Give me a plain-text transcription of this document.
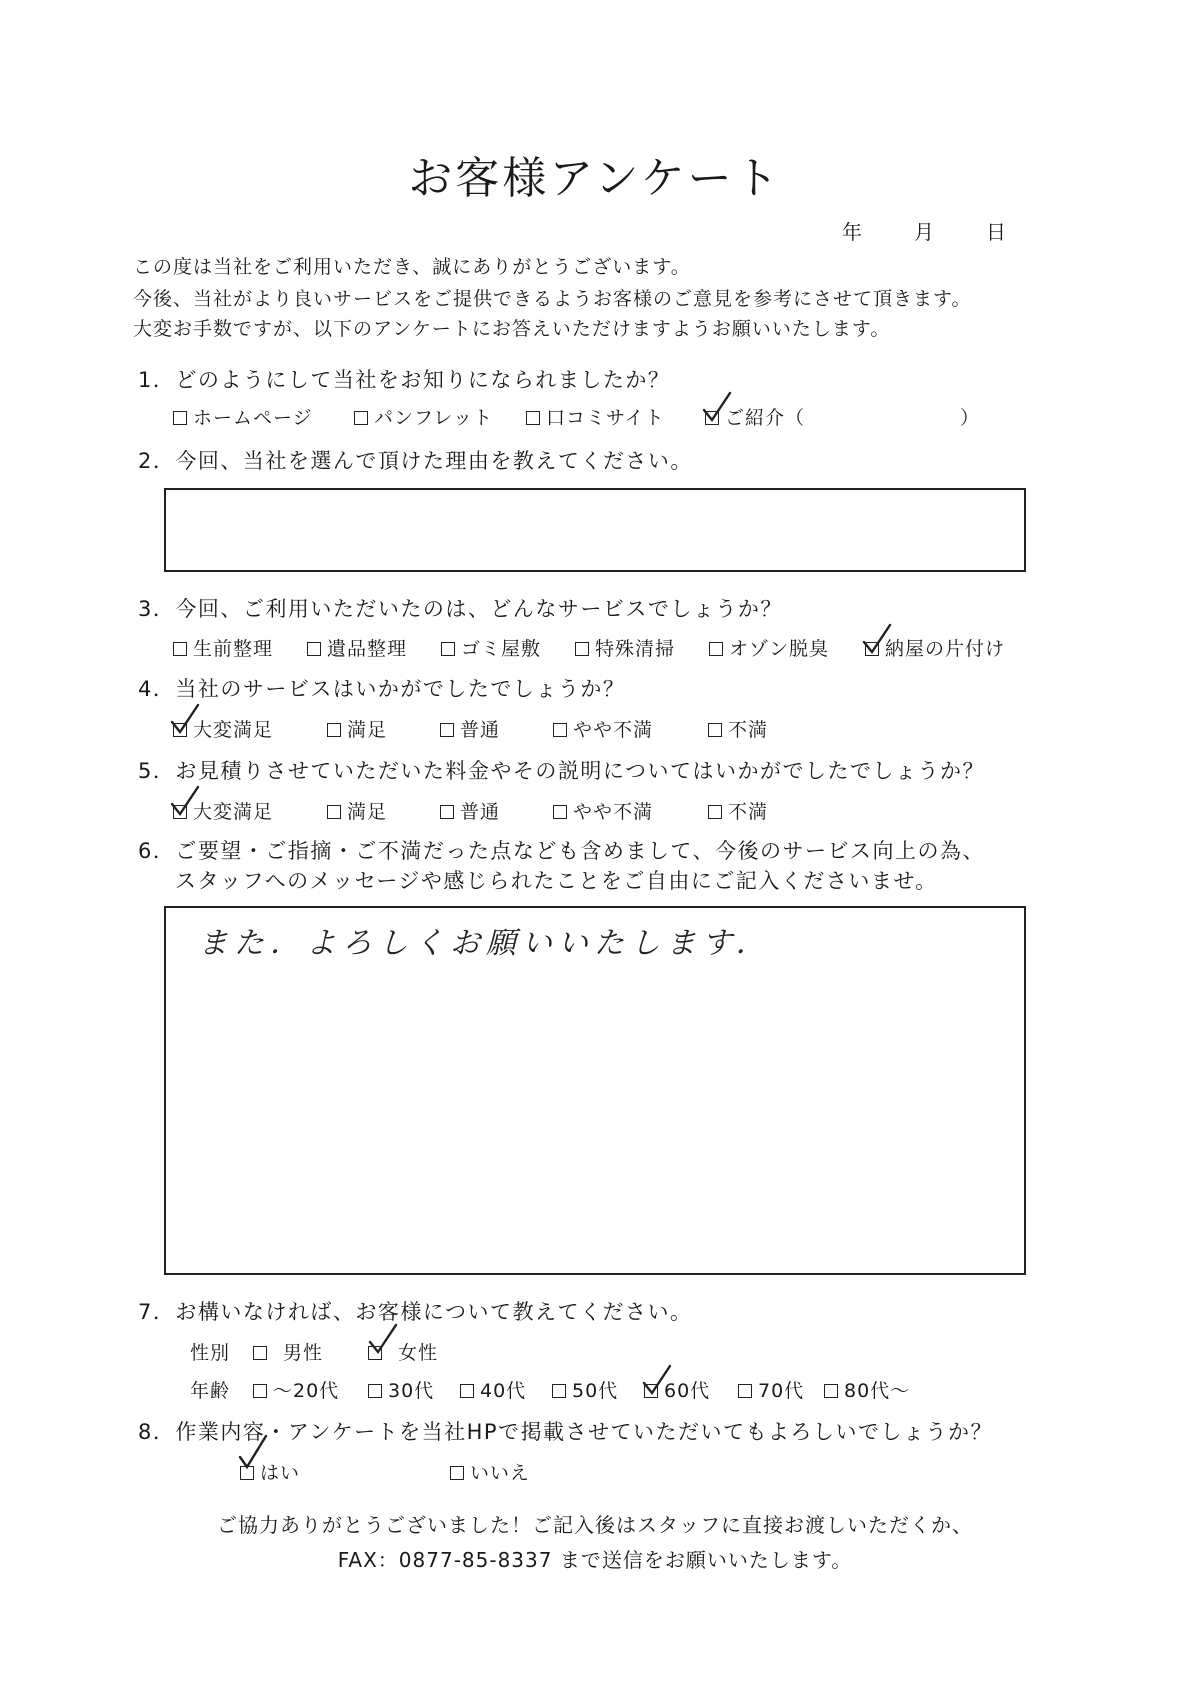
お客様アンケート
年	月	日
この度は当社をご利用いただき、誠にありがとうございます。
今後、当社がより良いサービスをご提供できるようお客様のご意見を参考にさせて頂きます。
大変お手数ですが、以下のアンケートにお答えいただけますようお願いいたします。
1．どのようにして当社をお知りになられましたか？
ホームページ	パンフレット	口コミサイト	ご紹介（	）
2．今回、当社を選んで頂けた理由を教えてください。
3．今回、ご利用いただいたのは、どんなサービスでしょうか？
生前整理	遺品整理	ゴミ屋敷	特殊清掃	オゾン脱臭	納屋の片付け
4．当社のサービスはいかがでしたでしょうか？
大変満足	満足	普通	やや不満	不満
5．お見積りさせていただいた料金やその説明についてはいかがでしたでしょうか？
大変満足	満足	普通	やや不満	不満
6．ご要望・ご指摘・ご不満だった点なども含めまして、今後のサービス向上の為、
スタッフへのメッセージや感じられたことをご自由にご記入くださいませ。
また．よろしくお願いいたします．
7．お構いなければ、お客様について教えてください。
性別	男性	女性
年齢	～20代	30代	40代	50代	60代	70代	80代～
8．作業内容・アンケートを当社HPで掲載させていただいてもよろしいでしょうか？
はい	いいえ
ご協力ありがとうございました！ご記入後はスタッフに直接お渡しいただくか、
FAX：0877-85-8337 まで送信をお願いいたします。
